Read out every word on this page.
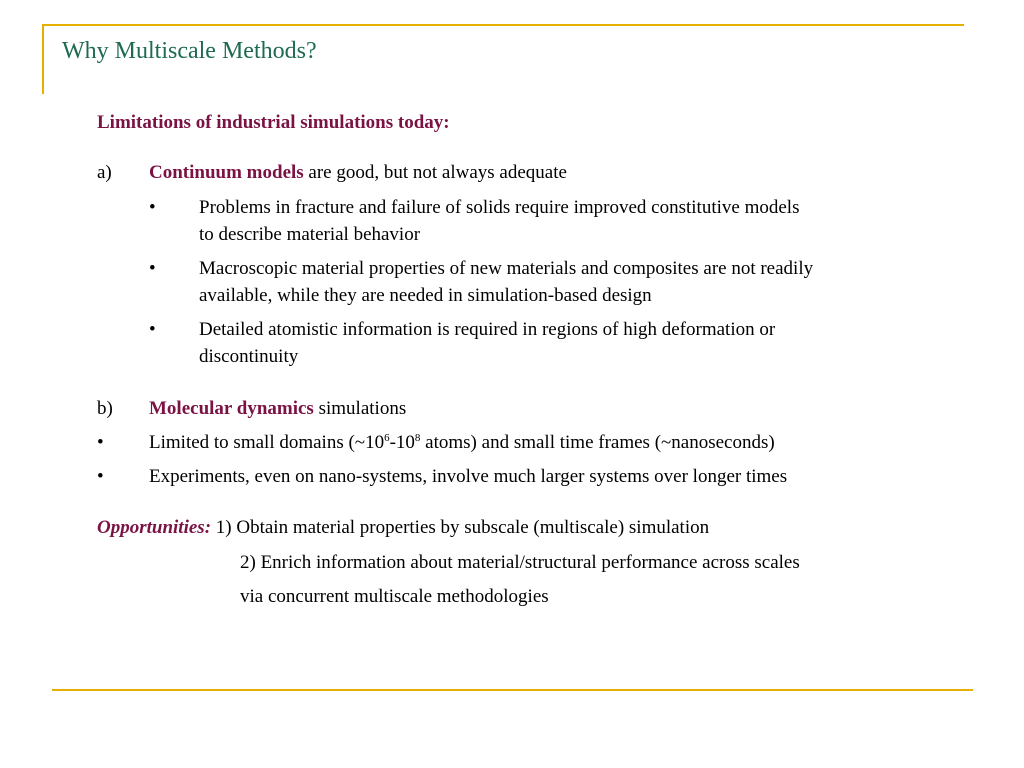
Why Multiscale Methods?
Limitations of industrial simulations today:
a) Continuum models are good, but not always adequate
• Problems in fracture and failure of solids require improved constitutive models
to describe material behavior
• Macroscopic material properties of new materials and composites are not readily
available, while they are needed in simulation-based design
• Detailed atomistic information is required in regions of high deformation or
discontinuity
b) Molecular dynamics simulations
• Limited to small domains ($\sim 10^6-10^8$ atoms) and small time frames (~nanoseconds)
• Experiments, even on nano-systems, involve much larger systems over longer times
Opportunities: 1) Obtain material properties by subscale (multiscale) simulation
2) Enrich information about material/structural performance across scales
via concurrent multiscale methodologies
